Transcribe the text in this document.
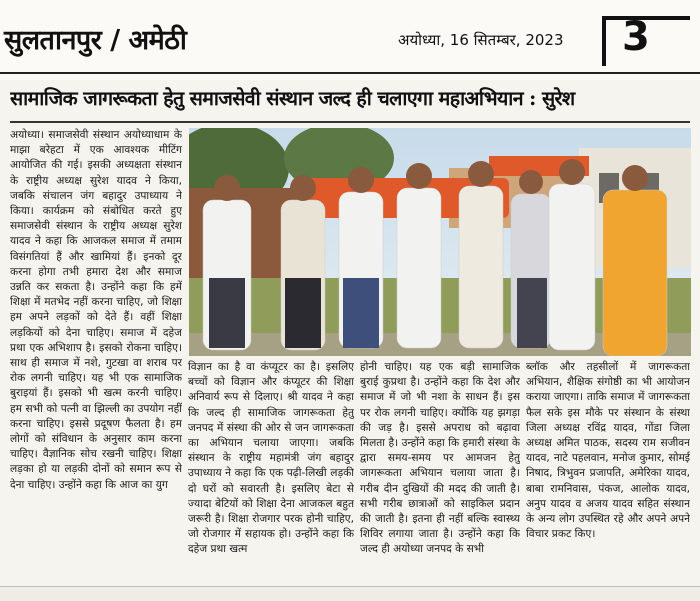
सुलतानपुर / अमेठी	अयोध्या, 16 सितम्बर, 2023 3
सामाजिक जागरूकता हेतु समाजसेवी संस्थान जल्द ही चलाएगा महाअभियान : सुरेश

अयोध्या। समाजसेवी संस्थान अयोध्याधाम के माझा बरेहटा में एक आवश्यक मीटिंग आयोजित की गई। इसकी अध्यक्षता संस्थान के राष्ट्रीय अध्यक्ष सुरेश यादव ने किया, जबकि संचालन जंग बहादुर उपाध्याय ने किया। कार्यक्रम को संबोधित करते हुए समाजसेवी संस्थान के राष्ट्रीय अध्यक्ष सुरेश यादव ने कहा कि आजकल समाज में तमाम विसंगतियां हैं और खामियां हैं। इनको दूर करना होगा तभी हमारा देश और समाज उन्नति कर सकता है। उन्होंने कहा कि हमें शिक्षा में मतभेद नहीं करना चाहिए, जो शिक्षा हम अपने लड़कों को देते हैं। वहीं शिक्षा लड़कियों को देना चाहिए। समाज में दहेज प्रथा एक अभिशाप है। इसको रोकना चाहिए। साथ ही समाज में नशे, गुटखा वा शराब पर रोक लगनी चाहिए। यह भी एक सामाजिक बुराइयां हैं। इसको भी खत्म करनी चाहिए। हम सभी को पत्नी वा झिल्ली का उपयोग नहीं करना चाहिए। इससे प्रदूषण फैलता है। हम लोगों को संविधान के अनुसार काम करना चाहिए। वैज्ञानिक सोच रखनी चाहिए। शिक्षा लड़का हो या लड़की दोनों को समान रूप से देना चाहिए। उन्होंने कहा कि आज का युग

विज्ञान का है वा कंप्यूटर का है। इसलिए बच्चों को विज्ञान और कंप्यूटर की शिक्षा अनिवार्य रूप से दिलाए। श्री यादव ने कहा कि जल्द ही सामाजिक जागरूकता हेतु जनपद में संस्था की ओर से जन जागरूकता का अभियान चलाया जाएगा। जबकि संस्थान के राष्ट्रीय महामंत्री जंग बहादुर उपाध्याय ने कहा कि एक पढ़ी-लिखी लड़की दो घरों को सवारती है। इसलिए बेटा से ज्यादा बेटियों को शिक्षा देना आजकल बहुत जरूरी है। शिक्षा रोजगार परक होनी चाहिए, जो रोजगार में सहायक हो। उन्होंने कहा कि दहेज प्रथा खत्म

होनी चाहिए। यह एक बड़ी सामाजिक बुराई कुप्रथा है। उन्होंने कहा कि देश और समाज में जो भी नशा के साधन हैं। इस पर रोक लगनी चाहिए। क्योंकि यह झगड़ा की जड़ है। इससे अपराध को बढ़ावा मिलता है। उन्होंने कहा कि हमारी संस्था के द्वारा समय-समय पर आमजन हेतु जागरूकता अभियान चलाया जाता है। गरीब दीन दुखियों की मदद की जाती है। सभी गरीब छात्राओं को साइकिल प्रदान की जाती है। इतना ही नहीं बल्कि स्वास्थ्य शिविर लगाया जाता है। उन्होंने कहा कि जल्द ही अयोध्या जनपद के सभी

ब्लॉक और तहसीलों में जागरूकता अभियान, शैक्षिक संगोष्ठी का भी आयोजन कराया जाएगा। ताकि समाज में जागरूकता फैल सके इस मौके पर संस्थान के संस्था जिला अध्यक्ष रविंद्र यादव, गोंडा जिला अध्यक्ष अमित पाठक, सदस्य राम सजीवन यादव, नाटे पहलवान, मनोज कुमार, सोमई निषाद, त्रिभुवन प्रजापति, अमेरिका यादव, बाबा रामनिवास, पंकज, आलोक यादव, अनुप यादव व अजय यादव सहित संस्थान के अन्य लोग उपस्थित रहे और अपने अपने विचार प्रकट किए।
